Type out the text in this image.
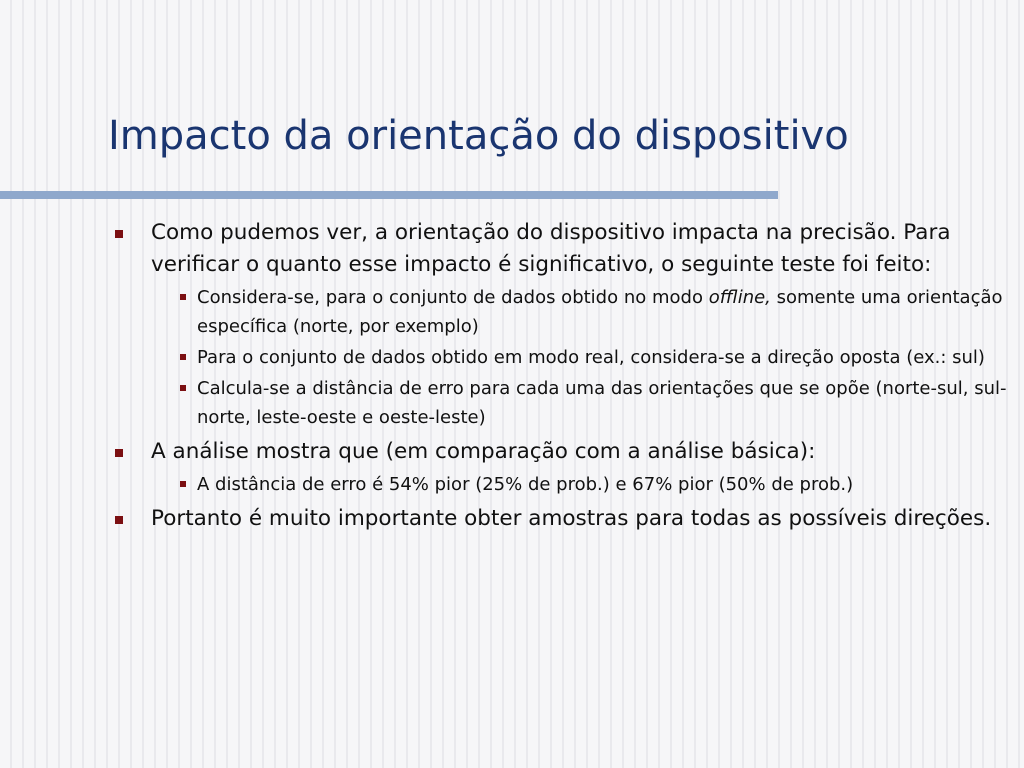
Impacto da orientação do dispositivo
Como pudemos ver, a orientação do dispositivo impacta na precisão. Para verificar o quanto esse impacto é significativo, o seguinte teste foi feito:
Considera-se, para o conjunto de dados obtido no modo offline, somente uma orientação específica (norte, por exemplo)
Para o conjunto de dados obtido em modo real, considera-se a direção oposta (ex.: sul)
Calcula-se a distância de erro para cada uma das orientações que se opõe (norte-sul, sul-norte, leste-oeste e oeste-leste)
A análise mostra que (em comparação com a análise básica):
A distância de erro é 54% pior (25% de prob.) e 67% pior (50% de prob.)
Portanto é muito importante obter amostras para todas as possíveis direções.
